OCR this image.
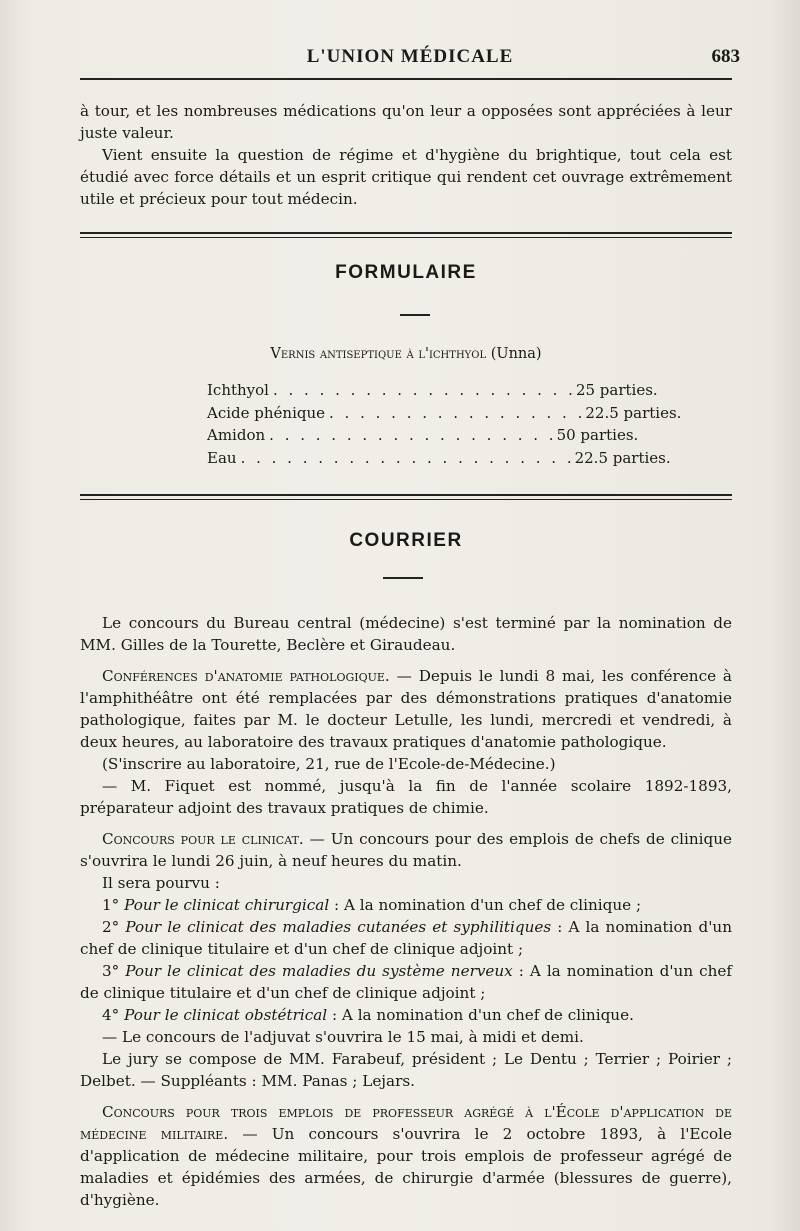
L'UNION MÉDICALE	683

à tour, et les nombreuses médications qu'on leur a opposées sont appréciées à leur juste valeur.

Vient ensuite la question de régime et d'hygiène du brightique, tout cela est étudié avec force détails et un esprit critique qui rendent cet ouvrage extrêmement utile et précieux pour tout médecin.

FORMULAIRE
Vernis antiseptique à l'ichthyol (Unna)
Ichthyol . . . . . . . . . . . . . . . . . . . . 25 parties.
Acide phénique . . . . . . . . . . . . . . . . . 22.5 parties.
Amidon . . . . . . . . . . . . . . . . . . . 50 parties.
Eau . . . . . . . . . . . . . . . . . . . . . . 22.5 parties.
COURRIER

Le concours du Bureau central (médecine) s'est terminé par la nomination de MM. Gilles de la Tourette, Beclère et Giraudeau.

Conférences d'anatomie pathologique. — Depuis le lundi 8 mai, les conférence à l'amphithéâtre ont été remplacées par des démonstrations pratiques d'anatomie pathologique, faites par M. le docteur Letulle, les lundi, mercredi et vendredi, à deux heures, au laboratoire des travaux pratiques d'anatomie pathologique.

(S'inscrire au laboratoire, 21, rue de l'Ecole-de-Médecine.)

— M. Fiquet est nommé, jusqu'à la fin de l'année scolaire 1892-1893, préparateur adjoint des travaux pratiques de chimie.

Concours pour le clinicat. — Un concours pour des emplois de chefs de clinique s'ouvrira le lundi 26 juin, à neuf heures du matin.

Il sera pourvu :

1° Pour le clinicat chirurgical : A la nomination d'un chef de clinique ;

2° Pour le clinicat des maladies cutanées et syphilitiques : A la nomination d'un chef de clinique titulaire et d'un chef de clinique adjoint ;

3° Pour le clinicat des maladies du système nerveux : A la nomination d'un chef de clinique titulaire et d'un chef de clinique adjoint ;

4° Pour le clinicat obstétrical : A la nomination d'un chef de clinique.

— Le concours de l'adjuvat s'ouvrira le 15 mai, à midi et demi.

Le jury se compose de MM. Farabeuf, président ; Le Dentu ; Terrier ; Poirier ; Delbet. — Suppléants : MM. Panas ; Lejars.

Concours pour trois emplois de professeur agrégé à l'École d'application de médecine militaire. — Un concours s'ouvrira le 2 octobre 1893, à l'Ecole d'application de médecine militaire, pour trois emplois de professeur agrégé de maladies et épidémies des armées, de chirurgie d'armée (blessures de guerre), d'hygiène.
